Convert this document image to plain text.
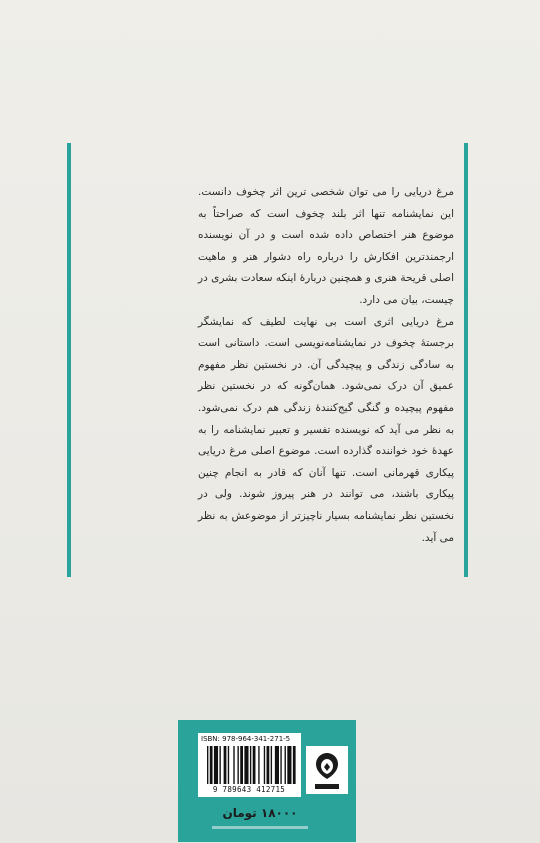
مرغ دریایی را می توان شخصی ترین اثر چخوف دانست. این نمایشنامه تنها اثر بلند چخوف است که صراحتاً به موضوع هنر اختصاص داده شده است و در آن نویسنده ارجمندترین افکارش را درباره راه دشوار هنر و ماهیت اصلی قریحة هنری و همچنین دربارهٔ اینکه سعادت بشری در چیست، بیان می دارد.

مرغ دریایی اثری است بی نهایت لطیف که نمایشگر برجستهٔ چخوف در نمایشنامه‌نویسی است. داستانی است به سادگی زندگی و پیچیدگی آن. در نخستین نظر مفهوم عمیق آن درک نمی‌شود. همان‌گونه که در نخستین نظر مفهوم پیچیده و گنگی گیج‌کنندهٔ زندگی هم درک نمی‌شود. به نظر می آید که نویسنده تفسیر و تعبیر نمایشنامه را به عهدهٔ خود خواننده گذارده است. موضوع اصلی مرغ دریایی پیکاری قهرمانی است. تنها آنان که قادر به انجام چنین پیکاری باشند، می توانند در هنر پیروز شوند. ولی در نخستین نظر نمایشنامه بسیار ناچیزتر از موضوعش به نظر می آید.

ISBN: 978-964-341-271-5
9 789643 412715
۱۸۰۰۰ تومان
